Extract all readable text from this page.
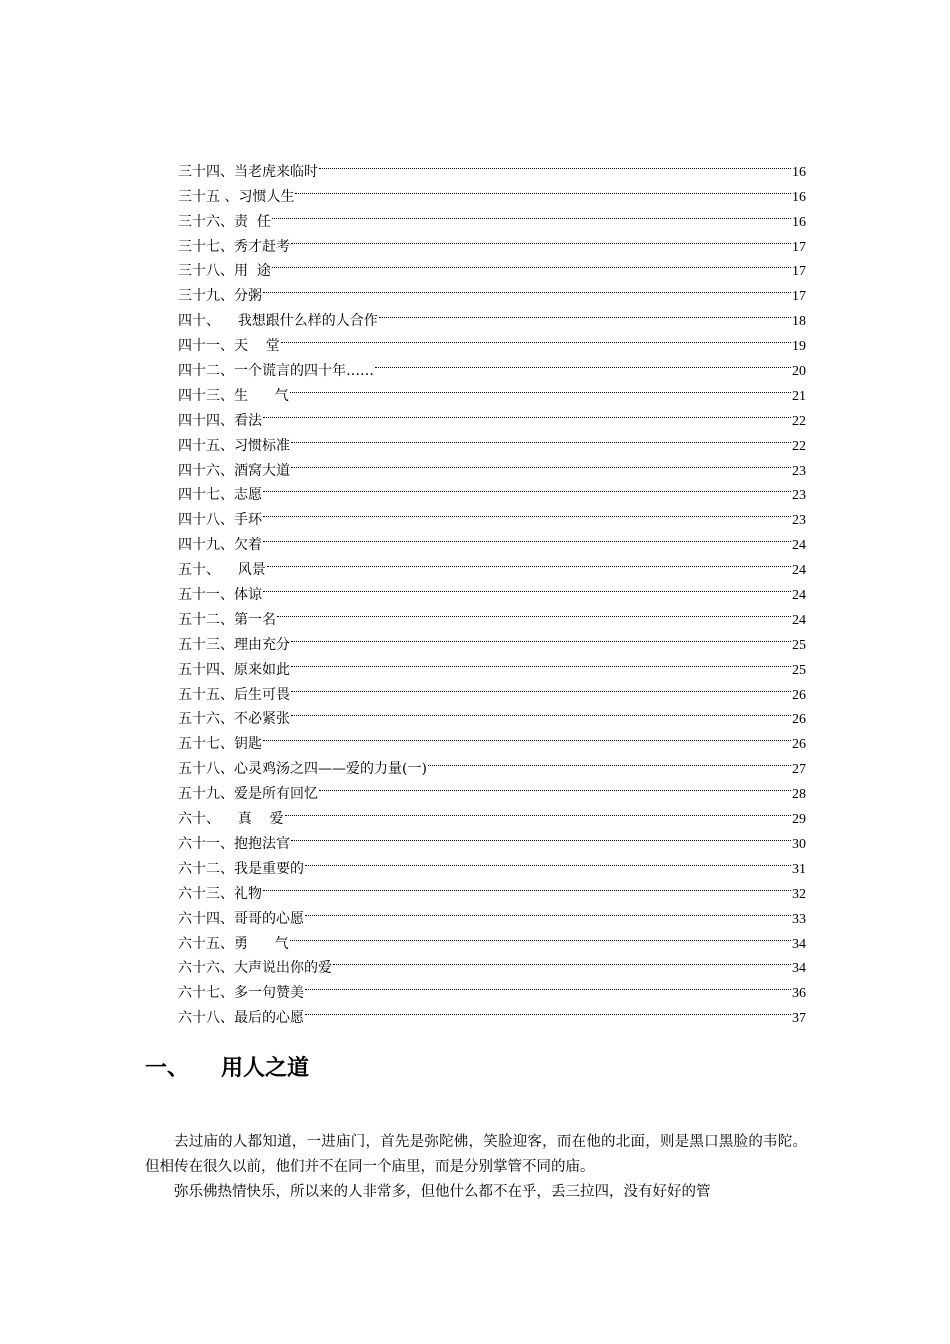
三十四、当老虎来临时	16
三十五 、习惯人生	16
三十六、责  任	16
三十七、秀才赶考	17
三十八、用  途	17
三十九、分粥	17
四十、    我想跟什么样的人合作	18
四十一、天    堂	19
四十二、一个谎言的四十年……	20
四十三、生      气	21
四十四、看法	22
四十五、习惯标准	22
四十六、酒窝大道	23
四十七、志愿	23
四十八、手环	23
四十九、欠着	24
五十、    风景	24
五十一、体谅	24
五十二、第一名	24
五十三、理由充分	25
五十四、原来如此	25
五十五、后生可畏	26
五十六、不必紧张	26
五十七、钥匙	26
五十八、心灵鸡汤之四——爱的力量(一)	27
五十九、爱是所有回忆	28
六十、    真    爱	29
六十一、抱抱法官	30
六十二、我是重要的	31
六十三、礼物	32
六十四、哥哥的心愿	33
六十五、勇      气	34
六十六、大声说出你的爱	34
六十七、多一句赞美	36
六十八、最后的心愿	37
一、 用人之道

去过庙的人都知道，一进庙门，首先是弥陀佛，笑脸迎客，而在他的北面，则是黑口黑脸的韦陀。但相传在很久以前，他们并不在同一个庙里，而是分别掌管不同的庙。

弥乐佛热情快乐，所以来的人非常多，但他什么都不在乎，丢三拉四，没有好好的管
